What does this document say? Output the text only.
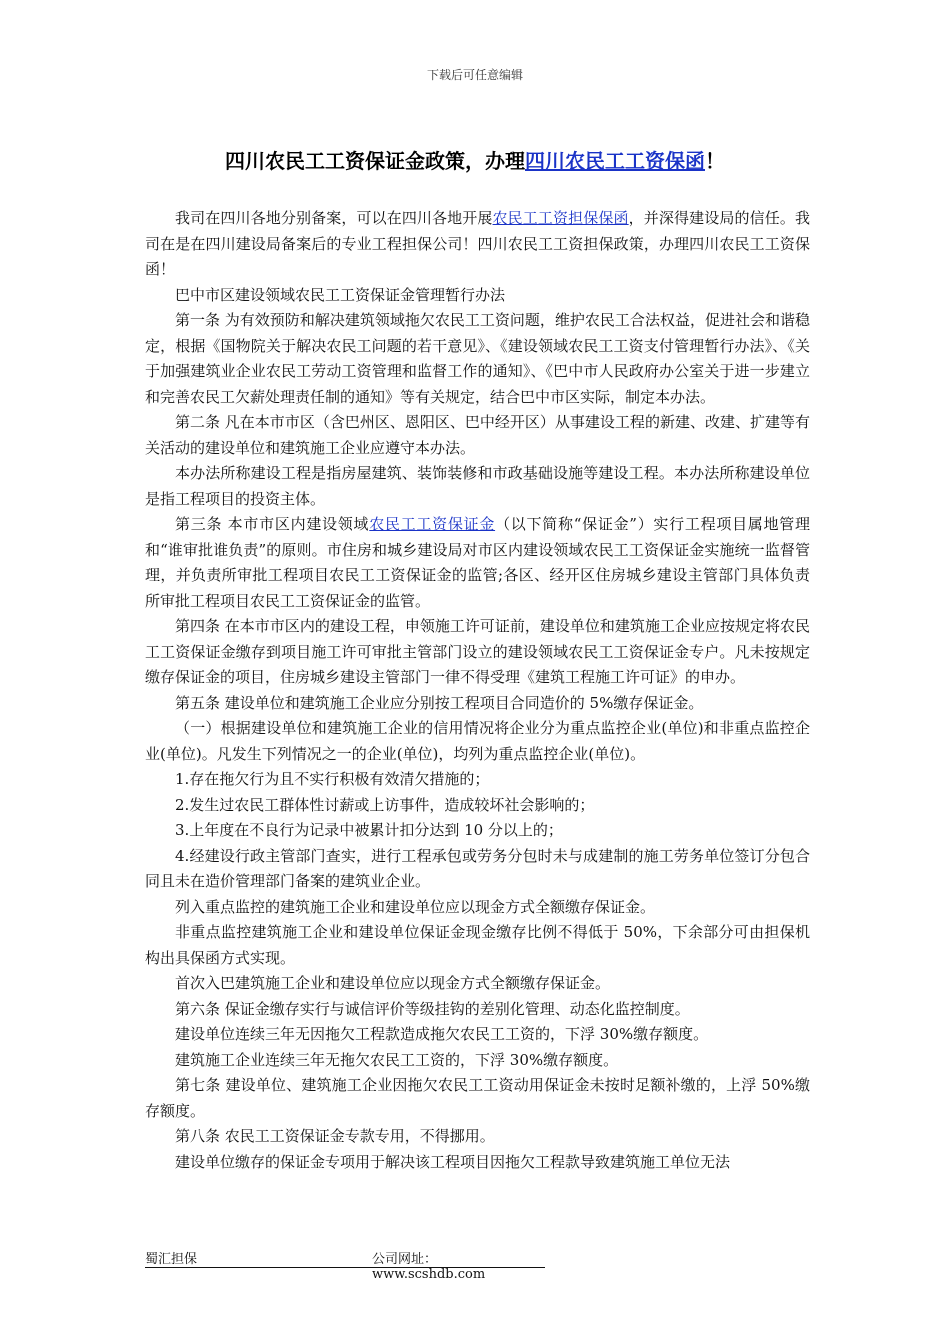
下载后可任意编辑
四川农民工工资保证金政策，办理四川农民工工资保函！

我司在四川各地分别备案，可以在四川各地开展农民工工资担保保函，并深得建设局的信任。我司在是在四川建设局备案后的专业工程担保公司！四川农民工工资担保政策，办理四川农民工工资保函！

巴中市区建设领域农民工工资保证金管理暂行办法

第一条 为有效预防和解决建筑领域拖欠农民工工资问题，维护农民工合法权益，促进社会和谐稳定，根据《国物院关于解决农民工问题的若干意见》、《建设领域农民工工资支付管理暂行办法》、《关于加强建筑业企业农民工劳动工资管理和监督工作的通知》、《巴中市人民政府办公室关于进一步建立和完善农民工欠薪处理责任制的通知》等有关规定，结合巴中市区实际，制定本办法。

第二条 凡在本市市区（含巴州区、恩阳区、巴中经开区）从事建设工程的新建、改建、扩建等有关活动的建设单位和建筑施工企业应遵守本办法。

本办法所称建设工程是指房屋建筑、装饰装修和市政基础设施等建设工程。本办法所称建设单位是指工程项目的投资主体。

第三条 本市市区内建设领域农民工工资保证金（以下简称“保证金”）实行工程项目属地管理和“谁审批谁负责”的原则。市住房和城乡建设局对市区内建设领域农民工工资保证金实施统一监督管理，并负责所审批工程项目农民工工资保证金的监管;各区、经开区住房城乡建设主管部门具体负责所审批工程项目农民工工资保证金的监管。

第四条 在本市市区内的建设工程，申领施工许可证前，建设单位和建筑施工企业应按规定将农民工工资保证金缴存到项目施工许可审批主管部门设立的建设领域农民工工资保证金专户。凡未按规定缴存保证金的项目，住房城乡建设主管部门一律不得受理《建筑工程施工许可证》的申办。

第五条 建设单位和建筑施工企业应分别按工程项目合同造价的 5%缴存保证金。

（一）根据建设单位和建筑施工企业的信用情况将企业分为重点监控企业(单位)和非重点监控企业(单位)。凡发生下列情况之一的企业(单位)，均列为重点监控企业(单位)。

1.存在拖欠行为且不实行积极有效清欠措施的；

2.发生过农民工群体性讨薪或上访事件，造成较坏社会影响的；

3.上年度在不良行为记录中被累计扣分达到 10 分以上的；

4.经建设行政主管部门查实，进行工程承包或劳务分包时未与成建制的施工劳务单位签订分包合同且未在造价管理部门备案的建筑业企业。

列入重点监控的建筑施工企业和建设单位应以现金方式全额缴存保证金。

非重点监控建筑施工企业和建设单位保证金现金缴存比例不得低于 50%，下余部分可由担保机构出具保函方式实现。

首次入巴建筑施工企业和建设单位应以现金方式全额缴存保证金。

第六条 保证金缴存实行与诚信评价等级挂钩的差别化管理、动态化监控制度。

建设单位连续三年无因拖欠工程款造成拖欠农民工工资的，下浮 30%缴存额度。

建筑施工企业连续三年无拖欠农民工工资的，下浮 30%缴存额度。

第七条 建设单位、建筑施工企业因拖欠农民工工资动用保证金未按时足额补缴的，上浮 50%缴存额度。

第八条 农民工工资保证金专款专用，不得挪用。

建设单位缴存的保证金专项用于解决该工程项目因拖欠工程款导致建筑施工单位无法

蜀汇担保	公司网址：www.scshdb.com
